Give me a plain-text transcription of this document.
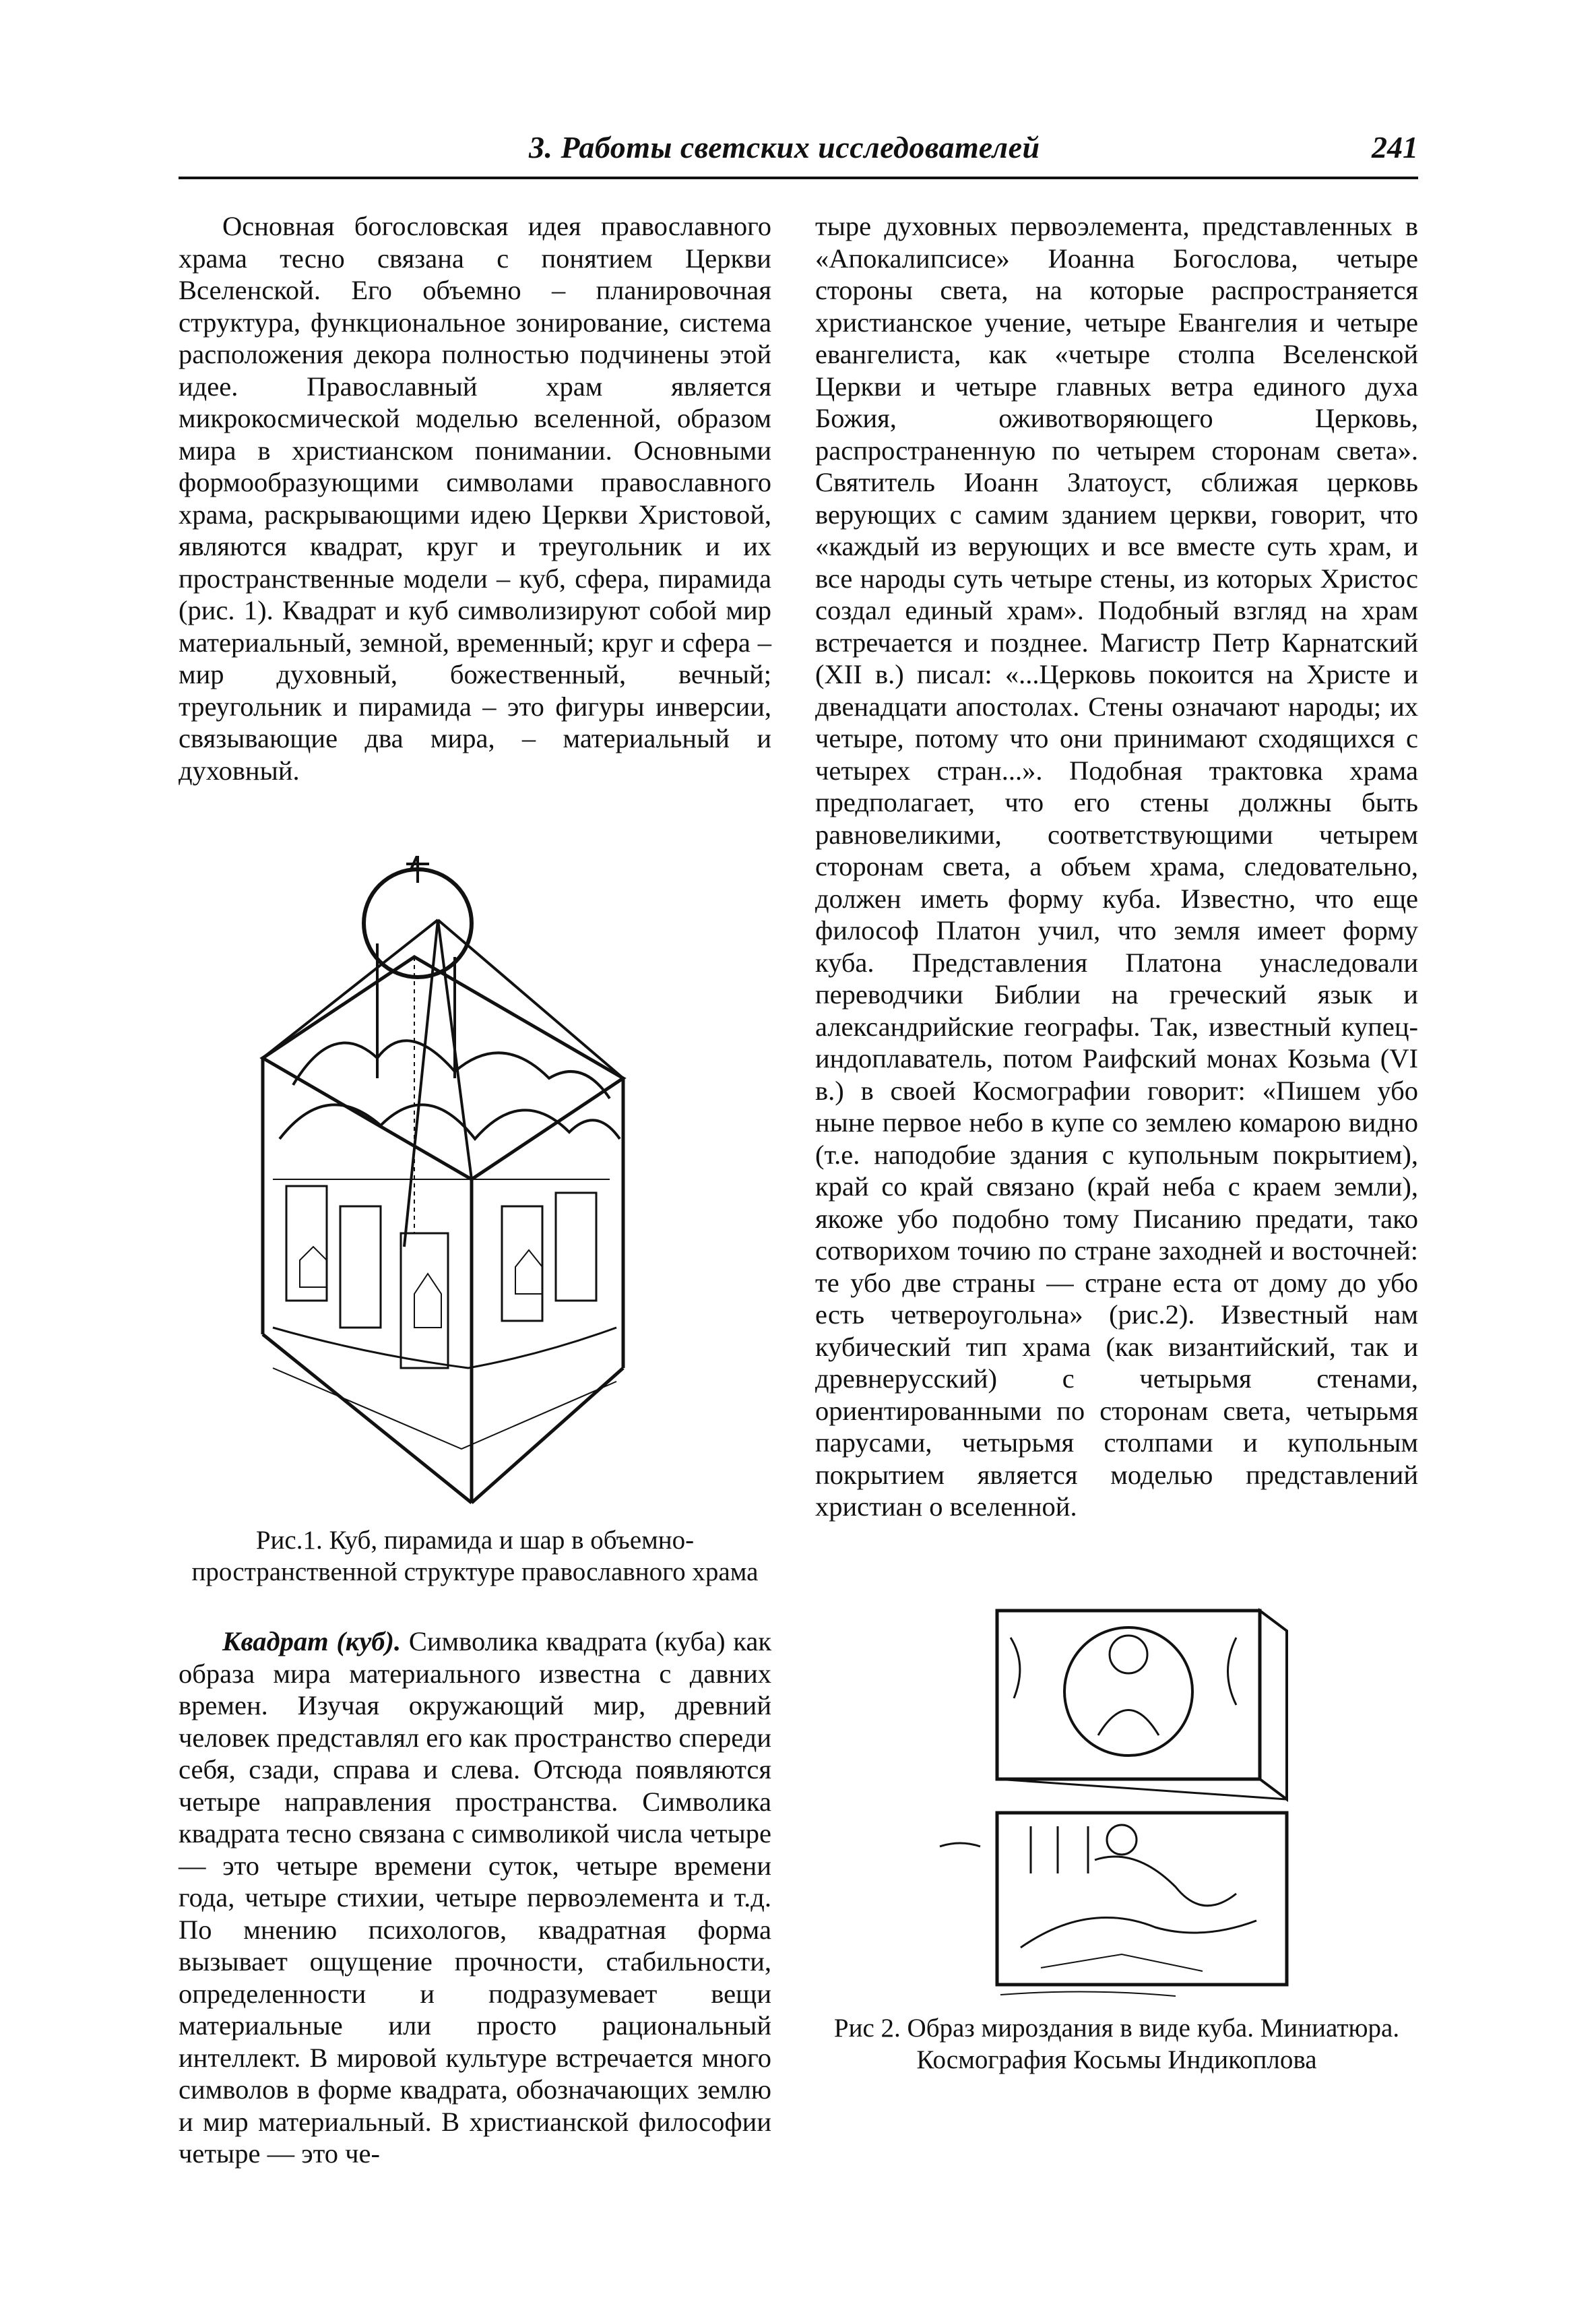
3. Работы светских исследователей	241

Основная богословская идея православного храма тесно связана с понятием Церкви Вселенской. Его объемно – планировочная структура, функциональное зонирование, система расположения декора полностью подчинены этой идее. Православный храм является микрокосмической моделью вселенной, образом мира в христианском понимании. Основными формообразующими символами православного храма, раскрывающими идею Церкви Христовой, являются квадрат, круг и треугольник и их пространственные модели – куб, сфера, пирамида (рис. 1). Квадрат и куб символизируют собой мир материальный, земной, временный; круг и сфера – мир духовный, божественный, вечный; треугольник и пирамида – это фигуры инверсии, связывающие два мира, – материальный и духовный.

Рис.1. Куб, пирамида и шар в объемно-пространственной структуре православного храма

Квадрат (куб). Символика квадрата (куба) как образа мира материального известна с давних времен. Изучая окружающий мир, древний человек представлял его как пространство спереди себя, сзади, справа и слева. Отсюда появляются четыре направления пространства. Символика квадрата тесно связана с символикой числа четыре — это четыре времени суток, четыре времени года, четыре стихии, четыре первоэлемента и т.д. По мнению психологов, квадратная форма вызывает ощущение прочности, стабильности, определенности и подразумевает вещи материальные или просто рациональный интеллект. В мировой культуре встречается много символов в форме квадрата, обозначающих землю и мир материальный. В христианской философии четыре — это че-

тыре духовных первоэлемента, представленных в «Апокалипсисе» Иоанна Богослова, четыре стороны света, на которые распространяется христианское учение, четыре Евангелия и четыре евангелиста, как «четыре столпа Вселенской Церкви и четыре главных ветра единого духа Божия, оживотворяющего Церковь, распространенную по четырем сторонам света». Святитель Иоанн Златоуст, сближая церковь верующих с самим зданием церкви, говорит, что «каждый из верующих и все вместе суть храм, и все народы суть четыре стены, из которых Христос создал единый храм». Подобный взгляд на храм встречается и позднее. Магистр Петр Карнатский (XII в.) писал: «...Церковь покоится на Христе и двенадцати апостолах. Стены означают народы; их четыре, потому что они принимают сходящихся с четырех стран...». Подобная трактовка храма предполагает, что его стены должны быть равновеликими, соответствующими четырем сторонам света, а объем храма, следовательно, должен иметь форму куба. Известно, что еще философ Платон учил, что земля имеет форму куба. Представления Платона унаследовали переводчики Библии на греческий язык и александрийские географы. Так, известный купец-индоплаватель, потом Раифский монах Козьма (VI в.) в своей Космографии говорит: «Пишем убо ныне первое небо в купе со землею комарою видно (т.е. наподобие здания с купольным покрытием), край со край связано (край неба с краем земли), якоже убо подобно тому Писанию предати, тако сотворихом точию по стране заходней и восточней: те убо две страны — стране еста от дому до убо есть четвероугольна» (рис.2). Известный нам кубический тип храма (как византийский, так и древнерусский) с четырьмя стенами, ориентированными по сторонам света, четырьмя парусами, четырьмя столпами и купольным покрытием является моделью представлений христиан о вселенной.

Рис 2. Образ мироздания в виде куба. Миниатюра. Космография Косьмы Индикоплова
